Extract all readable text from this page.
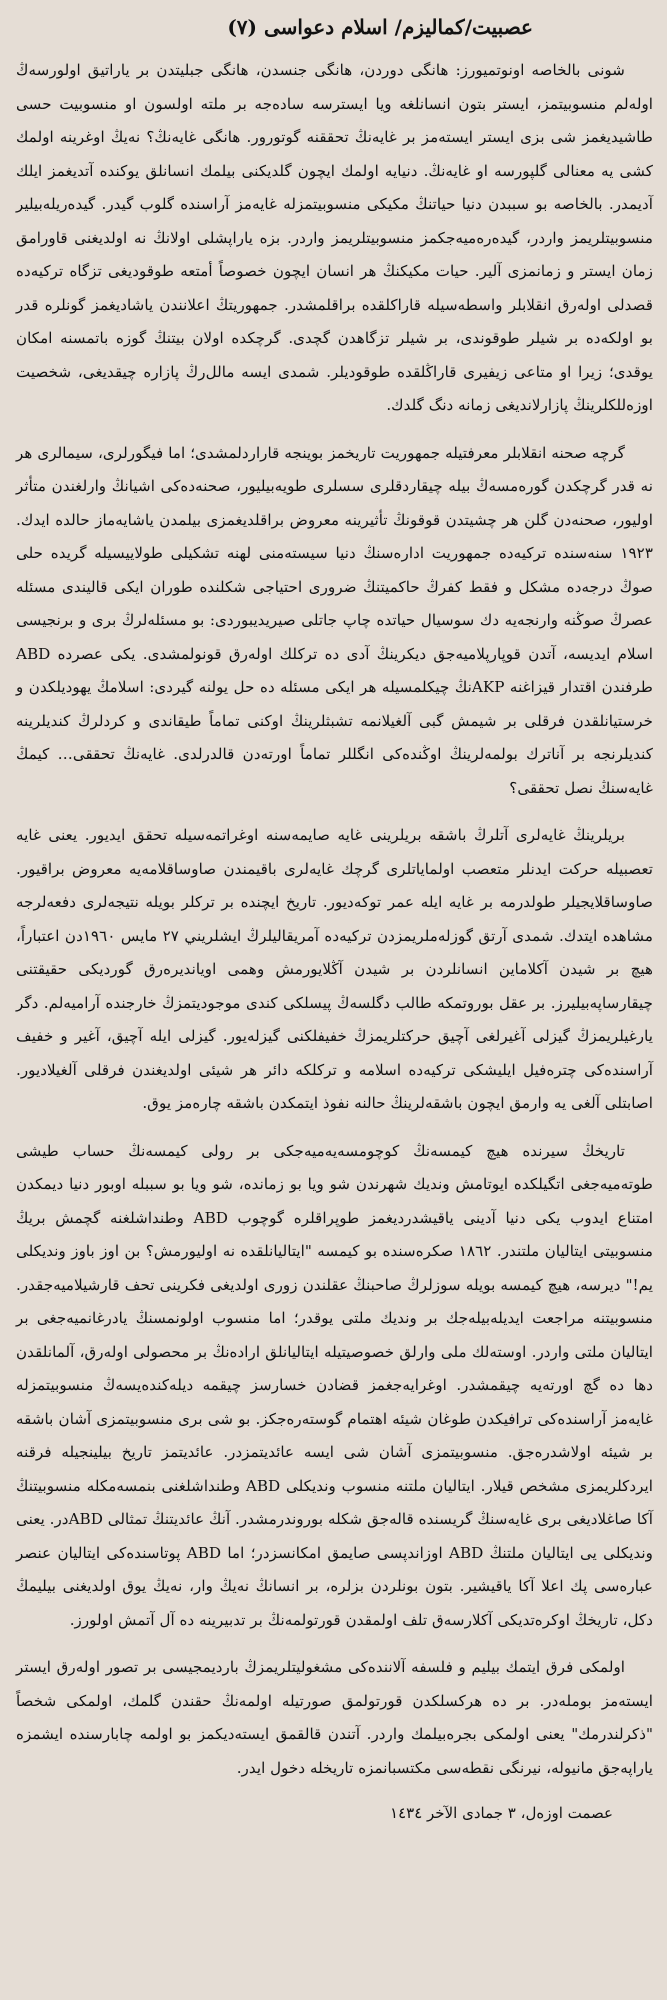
عصبيت/كماليزم/ اسلام دعواسى (٧)

شونى بالخاصه اونوتميورز: هانگى دوردن، هانگى جنسدن، هانگى جبليتدن بر ياراتيق اولورسەڭ اولەلم منسوبيتمز، ايستر بتون انسانلغه ويا ايسترسه سادەجه بر ملته اولسون او منسوبيت حسى طاشيديغمز شى بزى ايستر ايستەمز بر غايەنڭ تحققنه گوتورور. هانگى غايەنڭ؟ نەيڭ اوغرينه اولمك كشى يه معنالى گلپورسه او غايەنڭ. دنيايه اولمك ايچون گلديكنى بيلمك انسانلق يوكنده آتديغمز ايلك آديمدر. بالخاصه بو سببدن دنيا حياتنڭ مكيكى منسوبيتمزله غايەمز آراسنده گلوب گيدر. گيدەريلەبيلير منسوبيتلريمز واردر، گيدەرەمیەجكمز منسوبيتلريمز واردر. بزه ياراپشلى اولانڭ نه اولديغنى قاورامق زمان ايستر و زمانمزى آلير. حيات مكيكنڭ هر انسان ايچون خصوصاً أمتعه طوقوديغى تزگاه تركيەده قصدلى اولەرق انقلابلر واسطەسيله قاراكلقده براقلمشدر. جمهوريتڭ اعلانندن ياشاديغمز گونلره قدر بو اولكەده بر شيلر طوقوندى، بر شيلر تزگاهدن گچدى. گرچكده اولان بيتنڭ گوزه باتمسنه امكان يوقدى؛ زيرا او متاعى زيفيرى قاراڭلقده طوقوديلر. شمدى ايسه مالل‌رڭ پازاره چيقديغى، شخصيت اوزەللكلرينڭ پازارلانديغى زمانه دنگ گلدك.

گرچه صحنه انقلابلر معرفتيله جمهوريت تاريخمز بوينجه قاراردلمشدى؛ اما فيگورلرى، سيمالرى هر نه قدر گرچكدن گورەمسەڭ بيله چيقاردقلرى سسلرى طويەبيليور، صحنەدەكى اشيانڭ وارلغندن متأثر اوليور، صحنەدن گلن هر چشيتدن قوقونڭ تأثيرينه معروض براقلديغمزى بيلمدن ياشايەماز حالده ايدك. ١٩٢٣ سنەسنده تركيەده جمهوريت ادارەسنڭ دنيا سيستەمنى لهنه تشكيلى طولاييسيله گريده حلى صوڭ درجەده مشكل و فقط كفرڭ حاكميتنڭ ضرورى احتياجى شكلنده طوران ايكى قاليندى مسئله عصرڭ صوڭنه وارنجەيه دك سوسيال حياتده چاپ جاتلى صيريديبوردى: بو مسئلەلرڭ برى و برنجيسى اسلام ايديسه، آتدن قوپارپلامیەجق ديكرينڭ آدى ده تركلك اولەرق قونولمشدى. يكى عصرده ABD طرفندن اقتدار قيزاغنه AKPنڭ چيكلمسيله هر ايكى مسئله ده حل يولنه گيردى: اسلامڭ يهوديلكدن و خرستيانلقدن فرقلى بر شيمش گبى آلغيلانمه تشبثلرينڭ اوكنى تماماً طيقاندى و كردلرڭ كنديلرينه كنديلرنجه بر آناترك بولمەلرينڭ اوڭندەكى انگللر تماماً اورتەدن قالدرلدى. غايەنڭ تحققى… كيمڭ غايەسنڭ نصل تحققى؟

بريلرينڭ غايەلرى آتلرڭ باشقه بريلرينى غايه صايمەسنه اوغراتمەسيله تحقق ايديور. يعنى غايه تعصبيله حركت ايدنلر متعصب اولماياتلرى گرچك غايەلرى باقيمندن صاوساقلامەيه معروض براقيور. صاوساقلايجيلر طولدرمه بر غايه ايله عمر توكەديور. تاريخ ايچنده بر تركلر بويله نتيجەلرى دفعەلرجه مشاهده ايتدك. شمدى آرتق گوزلەملريمزدن تركيەده آمريقاليلرڭ ايشلريني ٢٧ مايس ١٩٦٠دن اعتباراً، هيچ بر شيدن آكلاماين انسانلردن بر شيدن آڭلايورمش وهمى اويانديرەرق گورديكى حقيقتنى چيقارساپەبيليرز. بر عقل بوروتمكه طالب دگلسەڭ پيسلكى كندى موجوديتمزڭ خارجنده آرامیەلم. دگر يارغيلريمزڭ گيزلى آغيرلغى آچيق حركتلريمزڭ خفيفلكنى گيزلەيور. گيزلى ايله آچيق، آغير و خفيف آراسندەكى چترەفيل ايليشكى تركيەده اسلامه و تركلكه دائر هر شيئى اولديغندن فرقلى آلغيلاديور. اصابتلى آلغى يه وارمق ايچون باشقەلرينڭ حالنه نفوذ ايتمكدن باشقه چارەمز يوق.

تاريخڭ سيرنده هيچ كيمسەنڭ كوچومسەيەميەجكى بر رولى كيمسەنڭ حساب طيشى طوتەميەجغى اتگيلكده ايوتامش ونديك شهرندن شو ويا بو زمانده، شو ويا بو سببله اوبور دنيا ديمكدن امتناع ايدوب يكى دنيا آدينى ياقيشدرديغمز طوپراقلره گوچوب ABD وطنداشلغنه گچمش بريڭ منسوبيتى ايتاليان ملتندر. ١٨٦٢ صكرەسنده بو كيمسه "ايتاليانلقده نه اوليورمش؟ بن اوز باوز ونديكلى يم!" ديرسه، هيچ كيمسه بويله سوزلرڭ صاحبنڭ عقلندن زورى اولديغى فكرينى تحف قارشيلاميەجقدر. منسوبيتنه مراجعت ايديلەبيلەجك بر ونديك ملتى يوقدر؛ اما منسوب اولونمسنڭ يادرغانميەجغى بر ايتاليان ملتى واردر. اوستەلك ملى وارلق خصوصيتيله ايتاليانلق ارادەنڭ بر محصولى اولەرق، آلمانلقدن دها ده گچ اورتەيه چيقمشدر. اوغرايەجغمز قضادن خسارسز چيقمه ديلەكندەيسەڭ منسوبيتمزله غايەمز آراسندەكى ترافيكدن طوغان شيئه اهتمام گوستەرەجكز. بو شى برى منسوبيتمزى آشان باشقه بر شيئه اولاشدرەجق. منسوبيتمزى آشان شى ايسه عائديتمزدر. عائديتمز تاريخ بيلينجيله فرقنه ايردكلريمزى مشخص قيلار. ايتاليان ملتنه منسوب ونديكلى ABD وطنداشلغنى بنمسەمكله منسوبيتنڭ آكا صاغلاديغى برى غايەسنڭ گريسنده قالەجق شكله بوروندرمشدر. آنڭ عائديتنڭ تمثالى ABDدر. يعنى ونديكلى يى ايتاليان ملتنڭ ABD اوزاندپسى صايمق امكانسزدر؛ اما ABD پوتاسندەكى ايتاليان عنصر عبارەسى پك اعلا آكا ياقيشير. بتون بونلردن بزلره، بر انسانڭ نەيڭ وار، نەيڭ يوق اولديغنى بيليمڭ دكل، تاريخڭ اوكرەتديكى آكلارسەق تلف اولمقدن قورتولمەنڭ بر تدبيرينه ده آل آتمش اولورز.

اولمكى فرق ايتمك بيليم و فلسفه آلانندەكى مشغوليتلريمزڭ باردیمجيسى بر تصور اولەرق ايستر ايستەمز بوملەدر. بر ده هرکسلکدن قورتولمق صورتيله اولمەنڭ حقندن گلمك، اولمكى شخصاً "ذكرلندرمك" يعنى اولمكى بجرەبيلمك واردر. آتندن قالقمق ايستەديكمز بو اولمه چابارسنده ايشمزه ياراپەجق مانيوله، نيرنگى نقطەسى مكتسبانمزه تاريخله دخول ايدر.

عصمت اوزەل، ٣ جمادى الآخر ١٤٣٤
